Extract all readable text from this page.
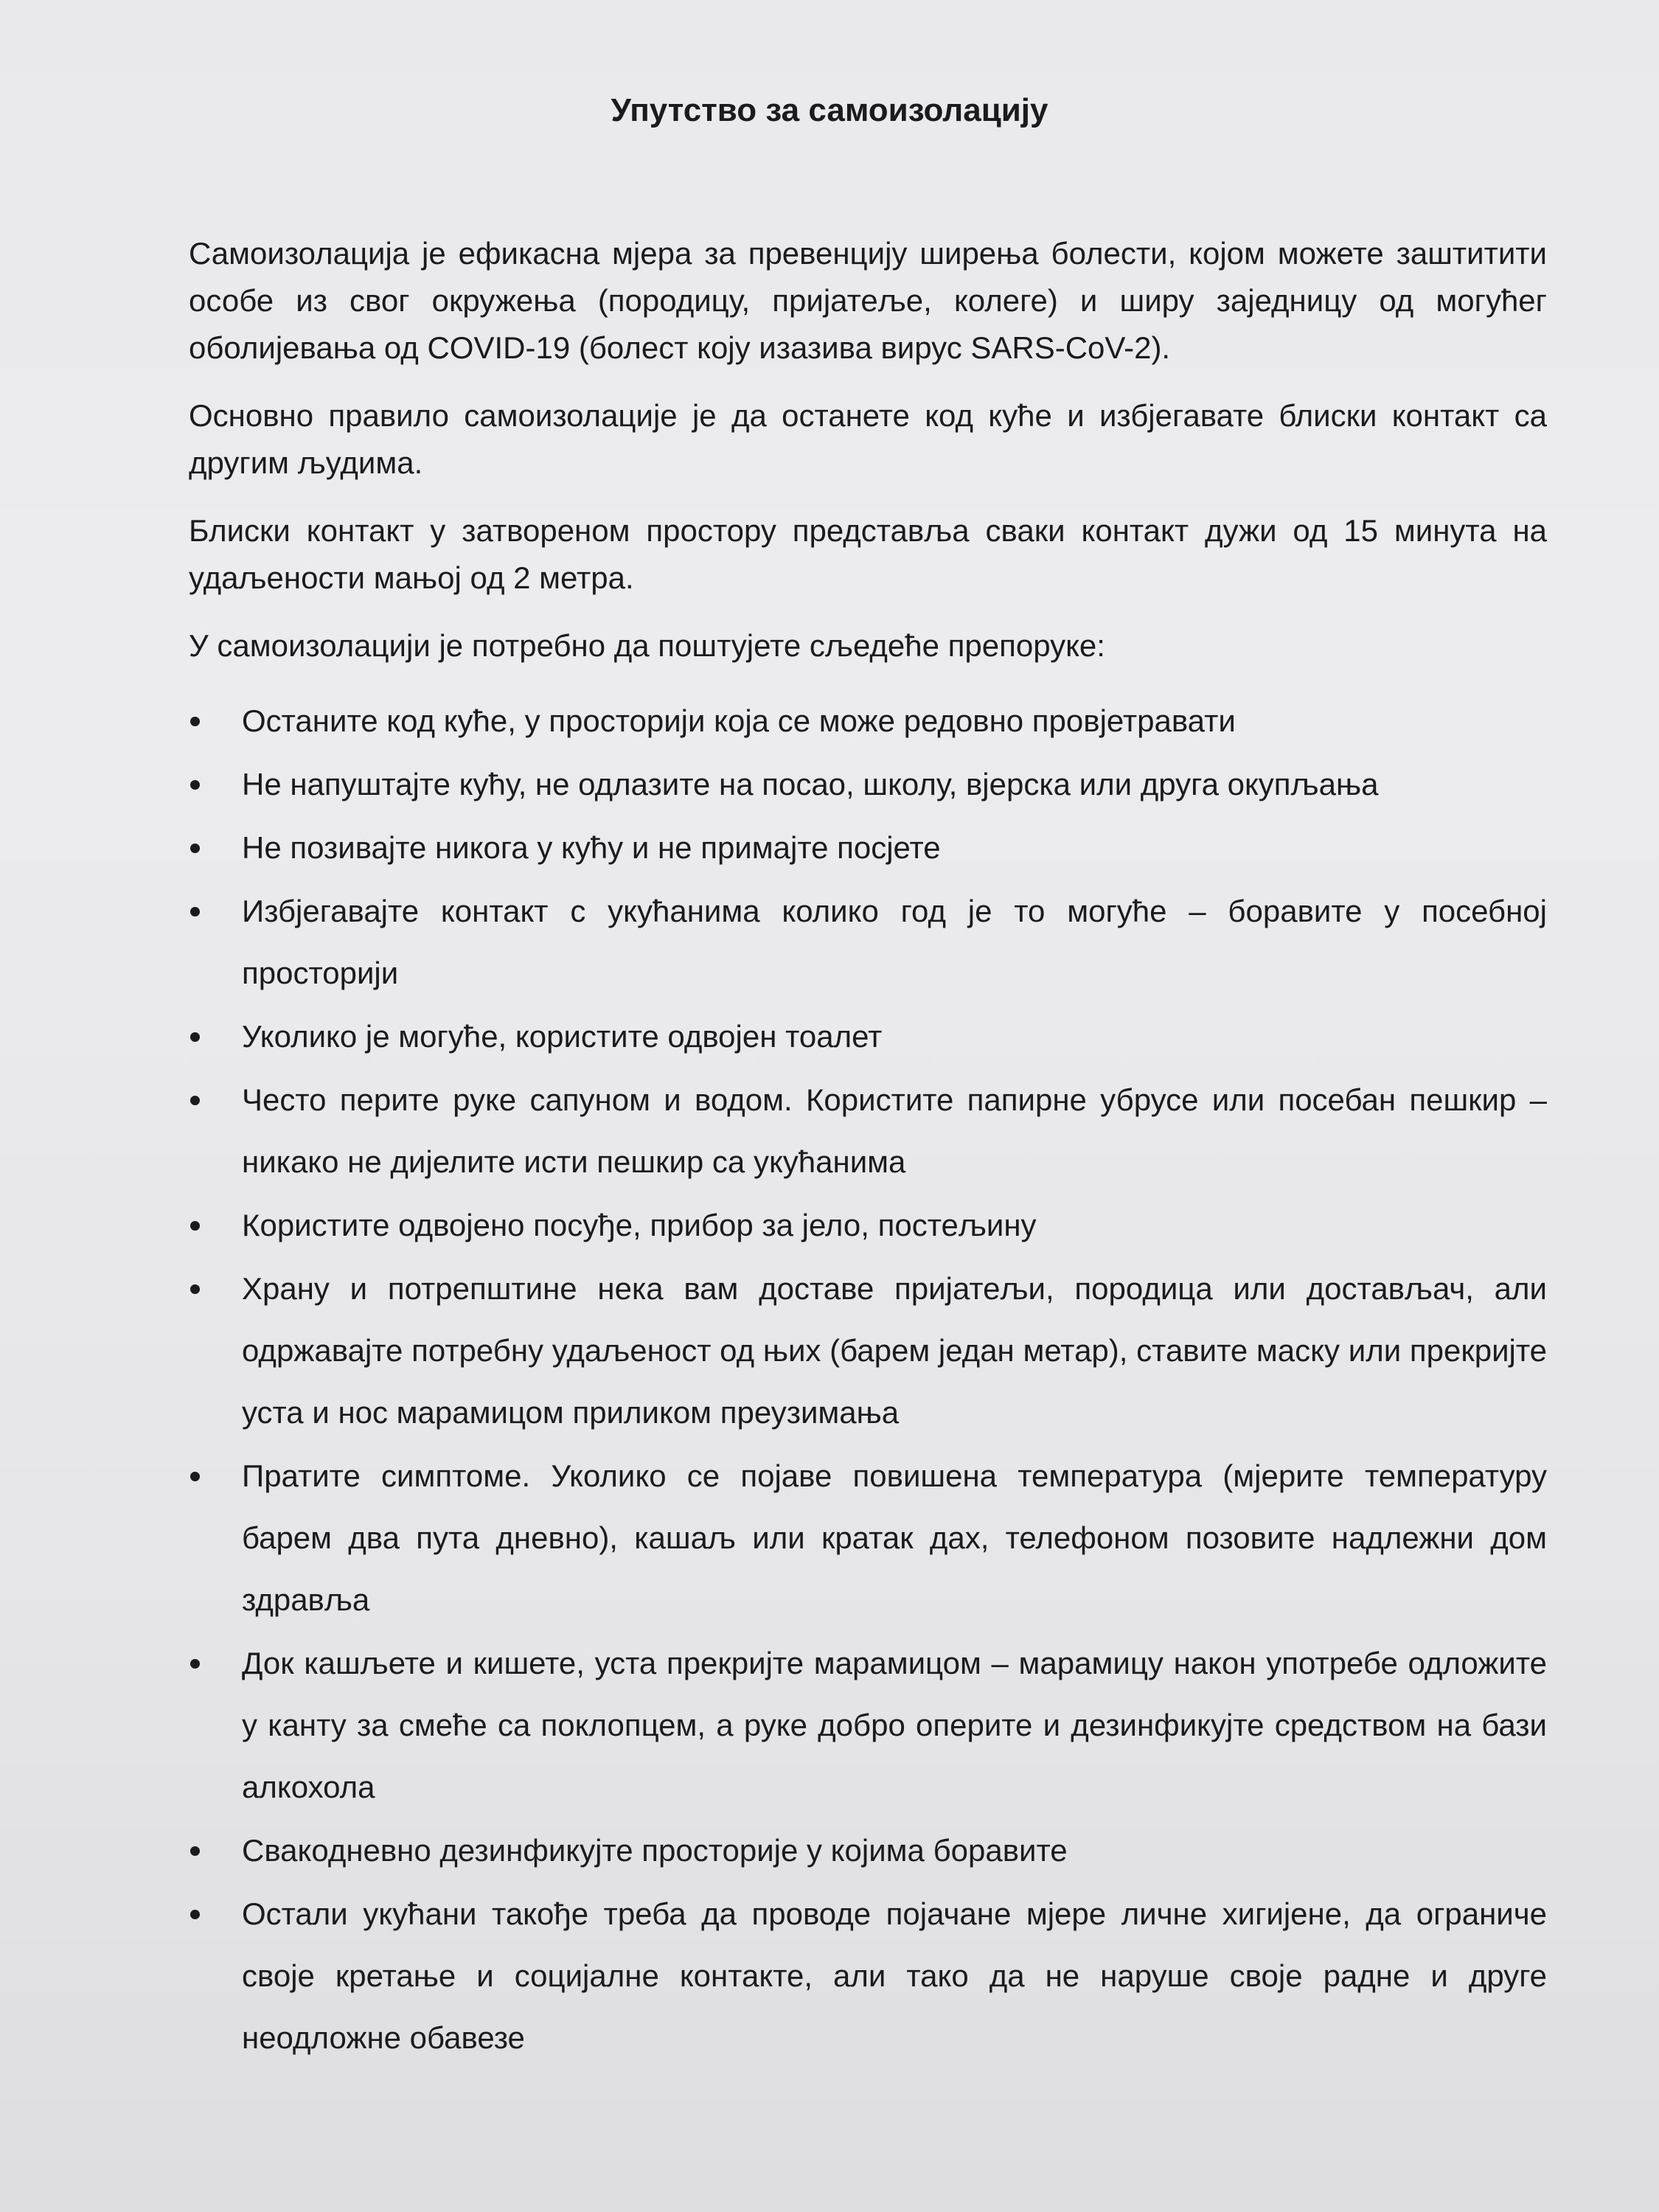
Упутство за самоизолацију

Самоизолација је ефикасна мјера за превенцију ширења болести, којом можете заштитити особе из свог окружења (породицу, пријатеље, колеге) и ширу заједницу од могућег оболијевања од COVID-19 (болест коју изазива вирус SARS-CoV-2).

Основно правило самоизолације је да останете код куће и избјегавате блиски контакт са другим људима.

Блиски контакт у затвореном простору представља сваки контакт дужи од 15 минута на удаљености мањој од 2 метра.

У самоизолацији је потребно да поштујете сљедеће препоруке:

Останите код куће, у просторији која се може редовно провјетравати
Не напуштајте кућу, не одлазите на посао, школу, вјерска или друга окупљања
Не позивајте никога у кућу и не примајте посјете
Избјегавајте контакт с укућанима колико год је то могуће – боравите у посебној просторији
Уколико је могуће, користите одвојен тоалет
Често перите руке сапуном и водом. Користите папирне убрусе или посебан пешкир – никако не дијелите исти пешкир са укућанима
Користите одвојено посуђе, прибор за јело, постељину
Храну и потрепштине нека вам доставе пријатељи, породица или достављач, али одржавајте потребну удаљеност од њих (барем један метар), ставите маску или прекријте уста и нос марамицом приликом преузимања
Пратите симптоме. Уколико се појаве повишена температура (мјерите температуру барем два пута дневно), кашаљ или кратак дах, телефоном позовите надлежни дом здравља
Док кашљете и кишете, уста прекријте марамицом – марамицу након употребе одложите у канту за смеће са поклопцем, а руке добро оперите и дезинфикујте средством на бази алкохола
Свакодневно дезинфикујте просторије у којима боравите
Остали укућани такође треба да проводе појачане мјере личне хигијене, да ограниче своје кретање и социјалне контакте, али тако да не наруше своје радне и друге неодложне обавезе
